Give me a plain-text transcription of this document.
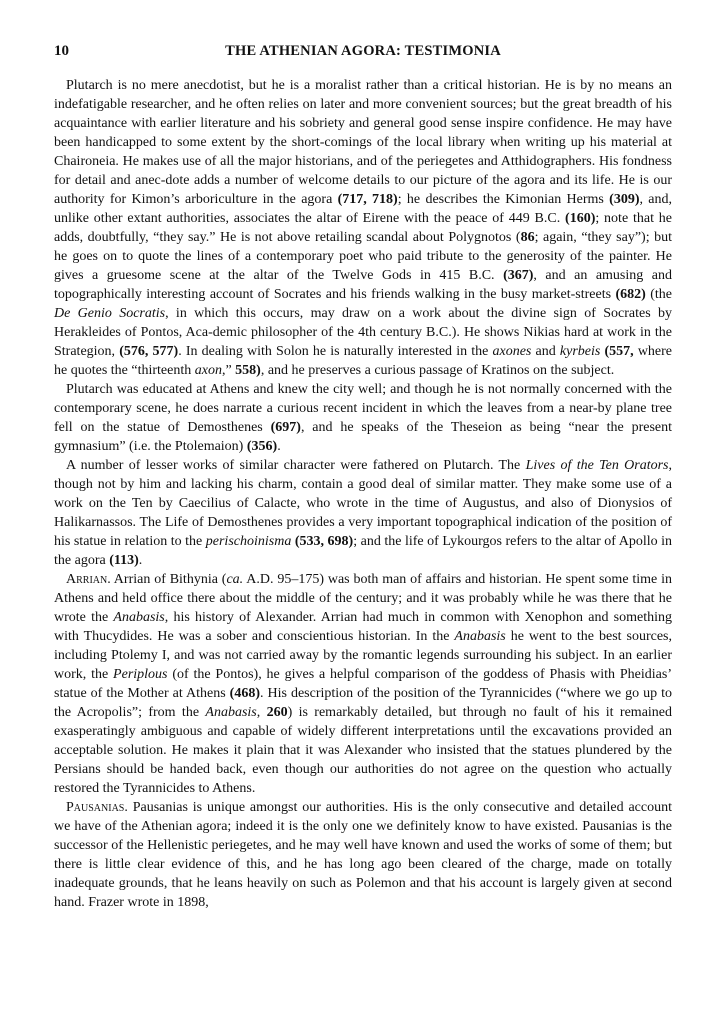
10	THE ATHENIAN AGORA: TESTIMONIA

Plutarch is no mere anecdotist, but he is a moralist rather than a critical historian. He is by no means an indefatigable researcher, and he often relies on later and more convenient sources; but the great breadth of his acquaintance with earlier literature and his sobriety and general good sense inspire confidence. He may have been handicapped to some extent by the short-comings of the local library when writing up his material at Chaironeia. He makes use of all the major historians, and of the periegetes and Atthidographers. His fondness for detail and anec-dote adds a number of welcome details to our picture of the agora and its life. He is our authority for Kimon’s arboriculture in the agora (717, 718); he describes the Kimonian Herms (309), and, unlike other extant authorities, associates the altar of Eirene with the peace of 449 B.C. (160); note that he adds, doubtfully, “they say.” He is not above retailing scandal about Polygnotos (86; again, “they say”); but he goes on to quote the lines of a contemporary poet who paid tribute to the generosity of the painter. He gives a gruesome scene at the altar of the Twelve Gods in 415 B.C. (367), and an amusing and topographically interesting account of Socrates and his friends walking in the busy market-streets (682) (the De Genio Socratis, in which this occurs, may draw on a work about the divine sign of Socrates by Herakleides of Pontos, Aca-demic philosopher of the 4th century B.C.). He shows Nikias hard at work in the Strategion, (576, 577). In dealing with Solon he is naturally interested in the axones and kyrbeis (557, where he quotes the “thirteenth axon,” 558), and he preserves a curious passage of Kratinos on the subject.

Plutarch was educated at Athens and knew the city well; and though he is not normally concerned with the contemporary scene, he does narrate a curious recent incident in which the leaves from a near-by plane tree fell on the statue of Demosthenes (697), and he speaks of the Theseion as being “near the present gymnasium” (i.e. the Ptolemaion) (356).

A number of lesser works of similar character were fathered on Plutarch. The Lives of the Ten Orators, though not by him and lacking his charm, contain a good deal of similar matter. They make some use of a work on the Ten by Caecilius of Calacte, who wrote in the time of Augustus, and also of Dionysios of Halikarnassos. The Life of Demosthenes provides a very important topographical indication of the position of his statue in relation to the perischoinisma (533, 698); and the life of Lykourgos refers to the altar of Apollo in the agora (113).

Arrian. Arrian of Bithynia (ca. A.D. 95–175) was both man of affairs and historian. He spent some time in Athens and held office there about the middle of the century; and it was probably while he was there that he wrote the Anabasis, his history of Alexander. Arrian had much in common with Xenophon and something with Thucydides. He was a sober and conscientious historian. In the Anabasis he went to the best sources, including Ptolemy I, and was not carried away by the romantic legends surrounding his subject. In an earlier work, the Periplous (of the Pontos), he gives a helpful comparison of the goddess of Phasis with Pheidias’ statue of the Mother at Athens (468). His description of the position of the Tyrannicides (“where we go up to the Acropolis”; from the Anabasis, 260) is remarkably detailed, but through no fault of his it remained exasperatingly ambiguous and capable of widely different interpretations until the excavations provided an acceptable solution. He makes it plain that it was Alexander who insisted that the statues plundered by the Persians should be handed back, even though our authorities do not agree on the question who actually restored the Tyrannicides to Athens.

Pausanias. Pausanias is unique amongst our authorities. His is the only consecutive and detailed account we have of the Athenian agora; indeed it is the only one we definitely know to have existed. Pausanias is the successor of the Hellenistic periegetes, and he may well have known and used the works of some of them; but there is little clear evidence of this, and he has long ago been cleared of the charge, made on totally inadequate grounds, that he leans heavily on such as Polemon and that his account is largely given at second hand. Frazer wrote in 1898,
